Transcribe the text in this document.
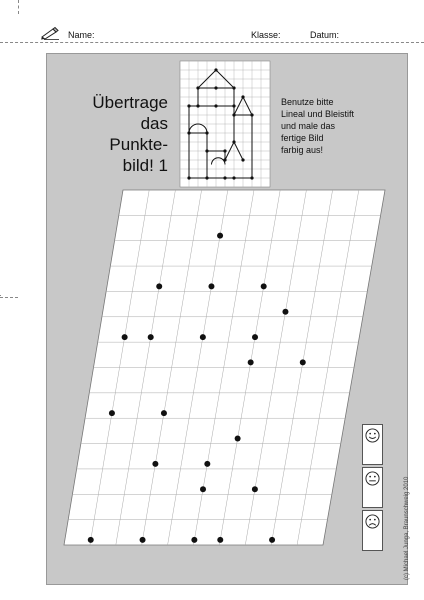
Name:	Klasse:	Datum:
Übertrage
das
Punkte-
bild! 1
Benutze bitte
Lineal und Bleistift
und male das
fertige Bild
farbig aus!
(c) Michael Junga, Braunschweig 2010
